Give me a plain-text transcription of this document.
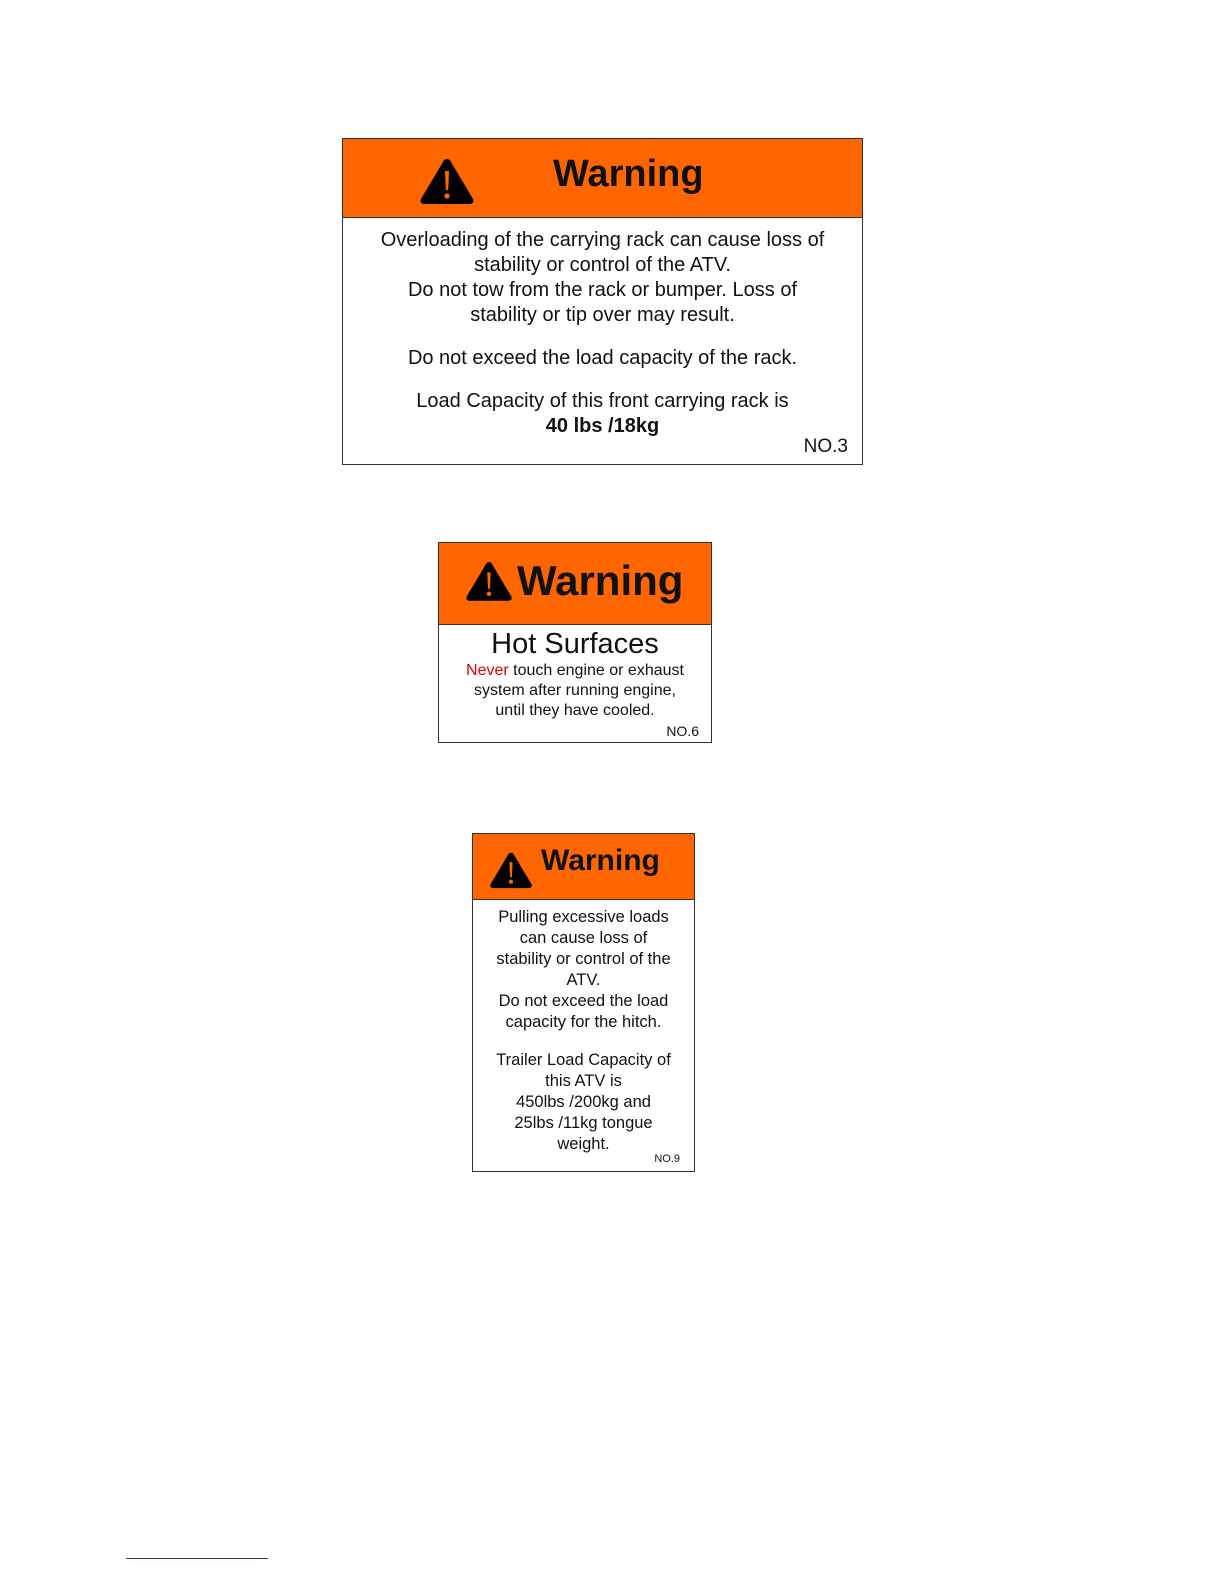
Warning

Overloading of the carrying rack can cause loss of

stability or control of the ATV.

Do not tow from the rack or bumper. Loss of

stability or tip over may result.

Do not exceed the load capacity of the rack.

Load Capacity of this front carrying rack is

40 lbs /18kg

NO.3
Warning

Hot Surfaces

Never touch engine or exhaust

system after running engine,

until they have cooled.

NO.6
Warning

Pulling excessive loads

can cause loss of

stability or control of the

ATV.

Do not exceed the load

capacity for the hitch.

Trailer Load Capacity of

this ATV is

450lbs /200kg and

25lbs /11kg tongue

weight.

NO.9
